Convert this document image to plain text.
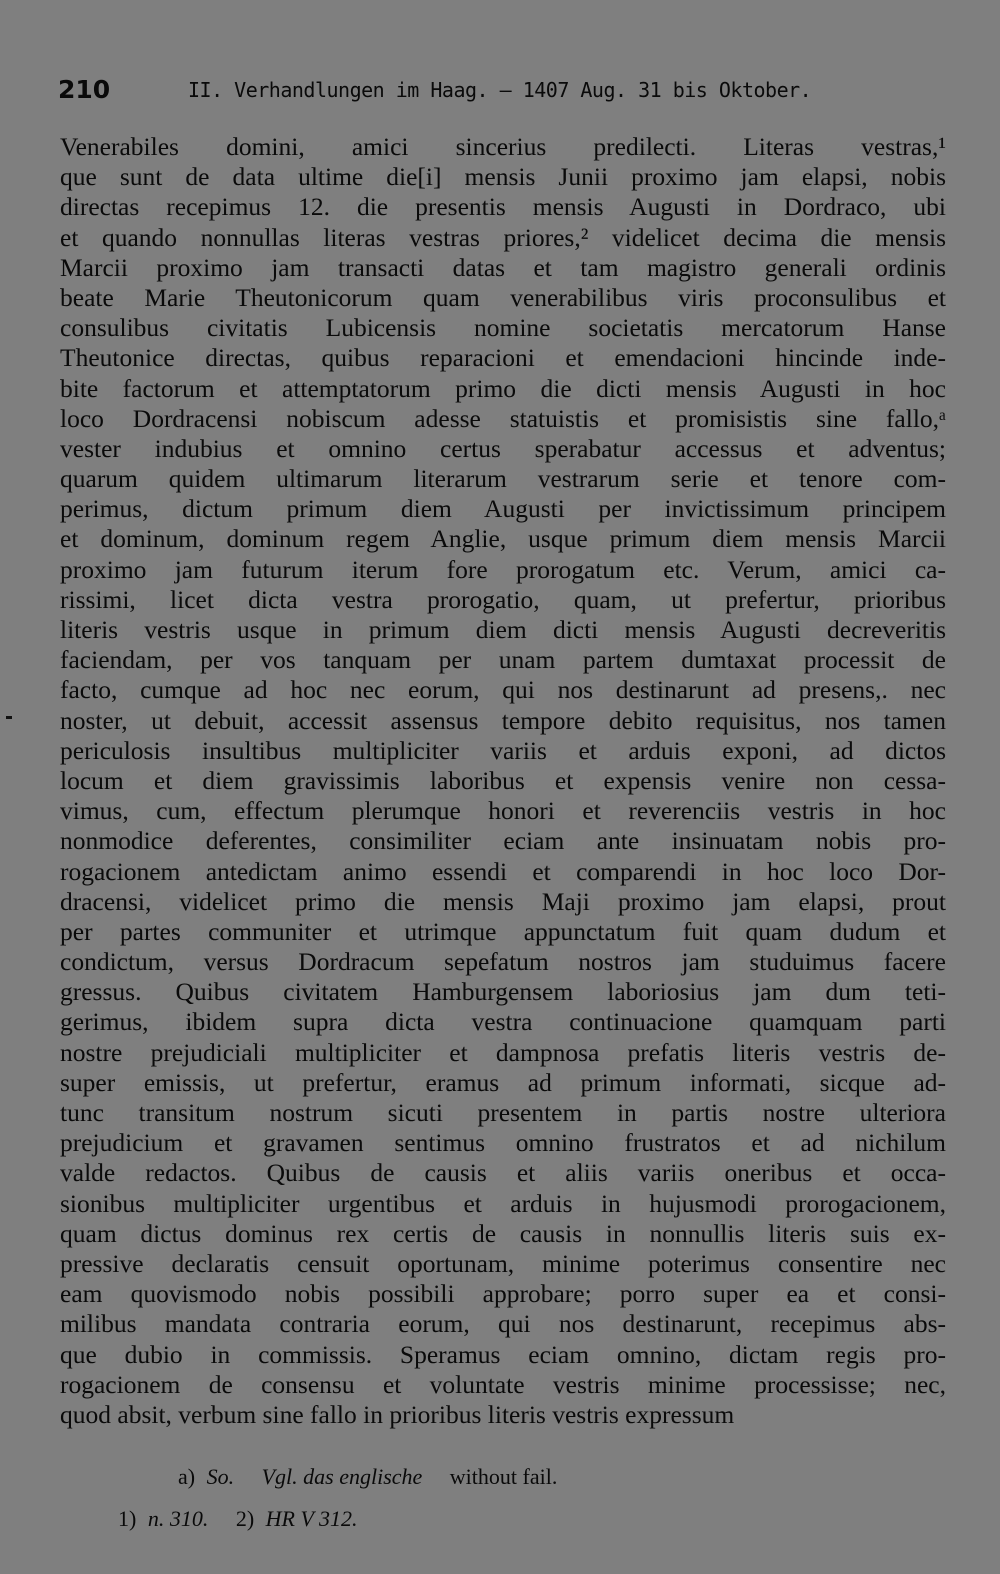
210	II. Verhandlungen im Haag. — 1407 Aug. 31 bis Oktober.
Venerabiles domini, amici sincerius predilecti. Literas vestras,¹
que sunt de data ultime die[i] mensis Junii proximo jam elapsi, nobis
directas recepimus 12. die presentis mensis Augusti in Dordraco, ubi
et quando nonnullas literas vestras priores,² videlicet decima die mensis
Marcii proximo jam transacti datas et tam magistro generali ordinis
beate Marie Theutonicorum quam venerabilibus viris proconsulibus et
consulibus civitatis Lubicensis nomine societatis mercatorum Hanse
Theutonice directas, quibus reparacioni et emendacioni hincinde inde-
bite factorum et attemptatorum primo die dicti mensis Augusti in hoc
loco Dordracensi nobiscum adesse statuistis et promisistis sine fallo,ᵃ
vester indubius et omnino certus sperabatur accessus et adventus;
quarum quidem ultimarum literarum vestrarum serie et tenore com-
perimus, dictum primum diem Augusti per invictissimum principem
et dominum, dominum regem Anglie, usque primum diem mensis Marcii
proximo jam futurum iterum fore prorogatum etc. Verum, amici ca-
rissimi, licet dicta vestra prorogatio, quam, ut prefertur, prioribus
literis vestris usque in primum diem dicti mensis Augusti decreveritis
faciendam, per vos tanquam per unam partem dumtaxat processit de
facto, cumque ad hoc nec eorum, qui nos destinarunt ad presens,. nec
noster, ut debuit, accessit assensus tempore debito requisitus, nos tamen
periculosis insultibus multipliciter variis et arduis exponi, ad dictos
locum et diem gravissimis laboribus et expensis venire non cessa-
vimus, cum, effectum plerumque honori et reverenciis vestris in hoc
nonmodice deferentes, consimiliter eciam ante insinuatam nobis pro-
rogacionem antedictam animo essendi et comparendi in hoc loco Dor-
dracensi, videlicet primo die mensis Maji proximo jam elapsi, prout
per partes communiter et utrimque appunctatum fuit quam dudum et
condictum, versus Dordracum sepefatum nostros jam studuimus facere
gressus. Quibus civitatem Hamburgensem laboriosius jam dum teti-
gerimus, ibidem supra dicta vestra continuacione quamquam parti
nostre prejudiciali multipliciter et dampnosa prefatis literis vestris de-
super emissis, ut prefertur, eramus ad primum informati, sicque ad-
tunc transitum nostrum sicuti presentem in partis nostre ulteriora
prejudicium et gravamen sentimus omnino frustratos et ad nichilum
valde redactos. Quibus de causis et aliis variis oneribus et occa-
sionibus multipliciter urgentibus et arduis in hujusmodi prorogacionem,
quam dictus dominus rex certis de causis in nonnullis literis suis ex-
pressive declaratis censuit oportunam, minime poterimus consentire nec
eam quovismodo nobis possibili approbare; porro super ea et consi-
milibus mandata contraria eorum, qui nos destinarunt, recepimus abs-
que dubio in commissis. Speramus eciam omnino, dictam regis pro-
rogacionem de consensu et voluntate vestris minime processisse; nec,
quod absit, verbum sine fallo in prioribus literis vestris expressum
a) So. Vgl. das englische without fail.
1) n. 310. 2) HR V 312.
